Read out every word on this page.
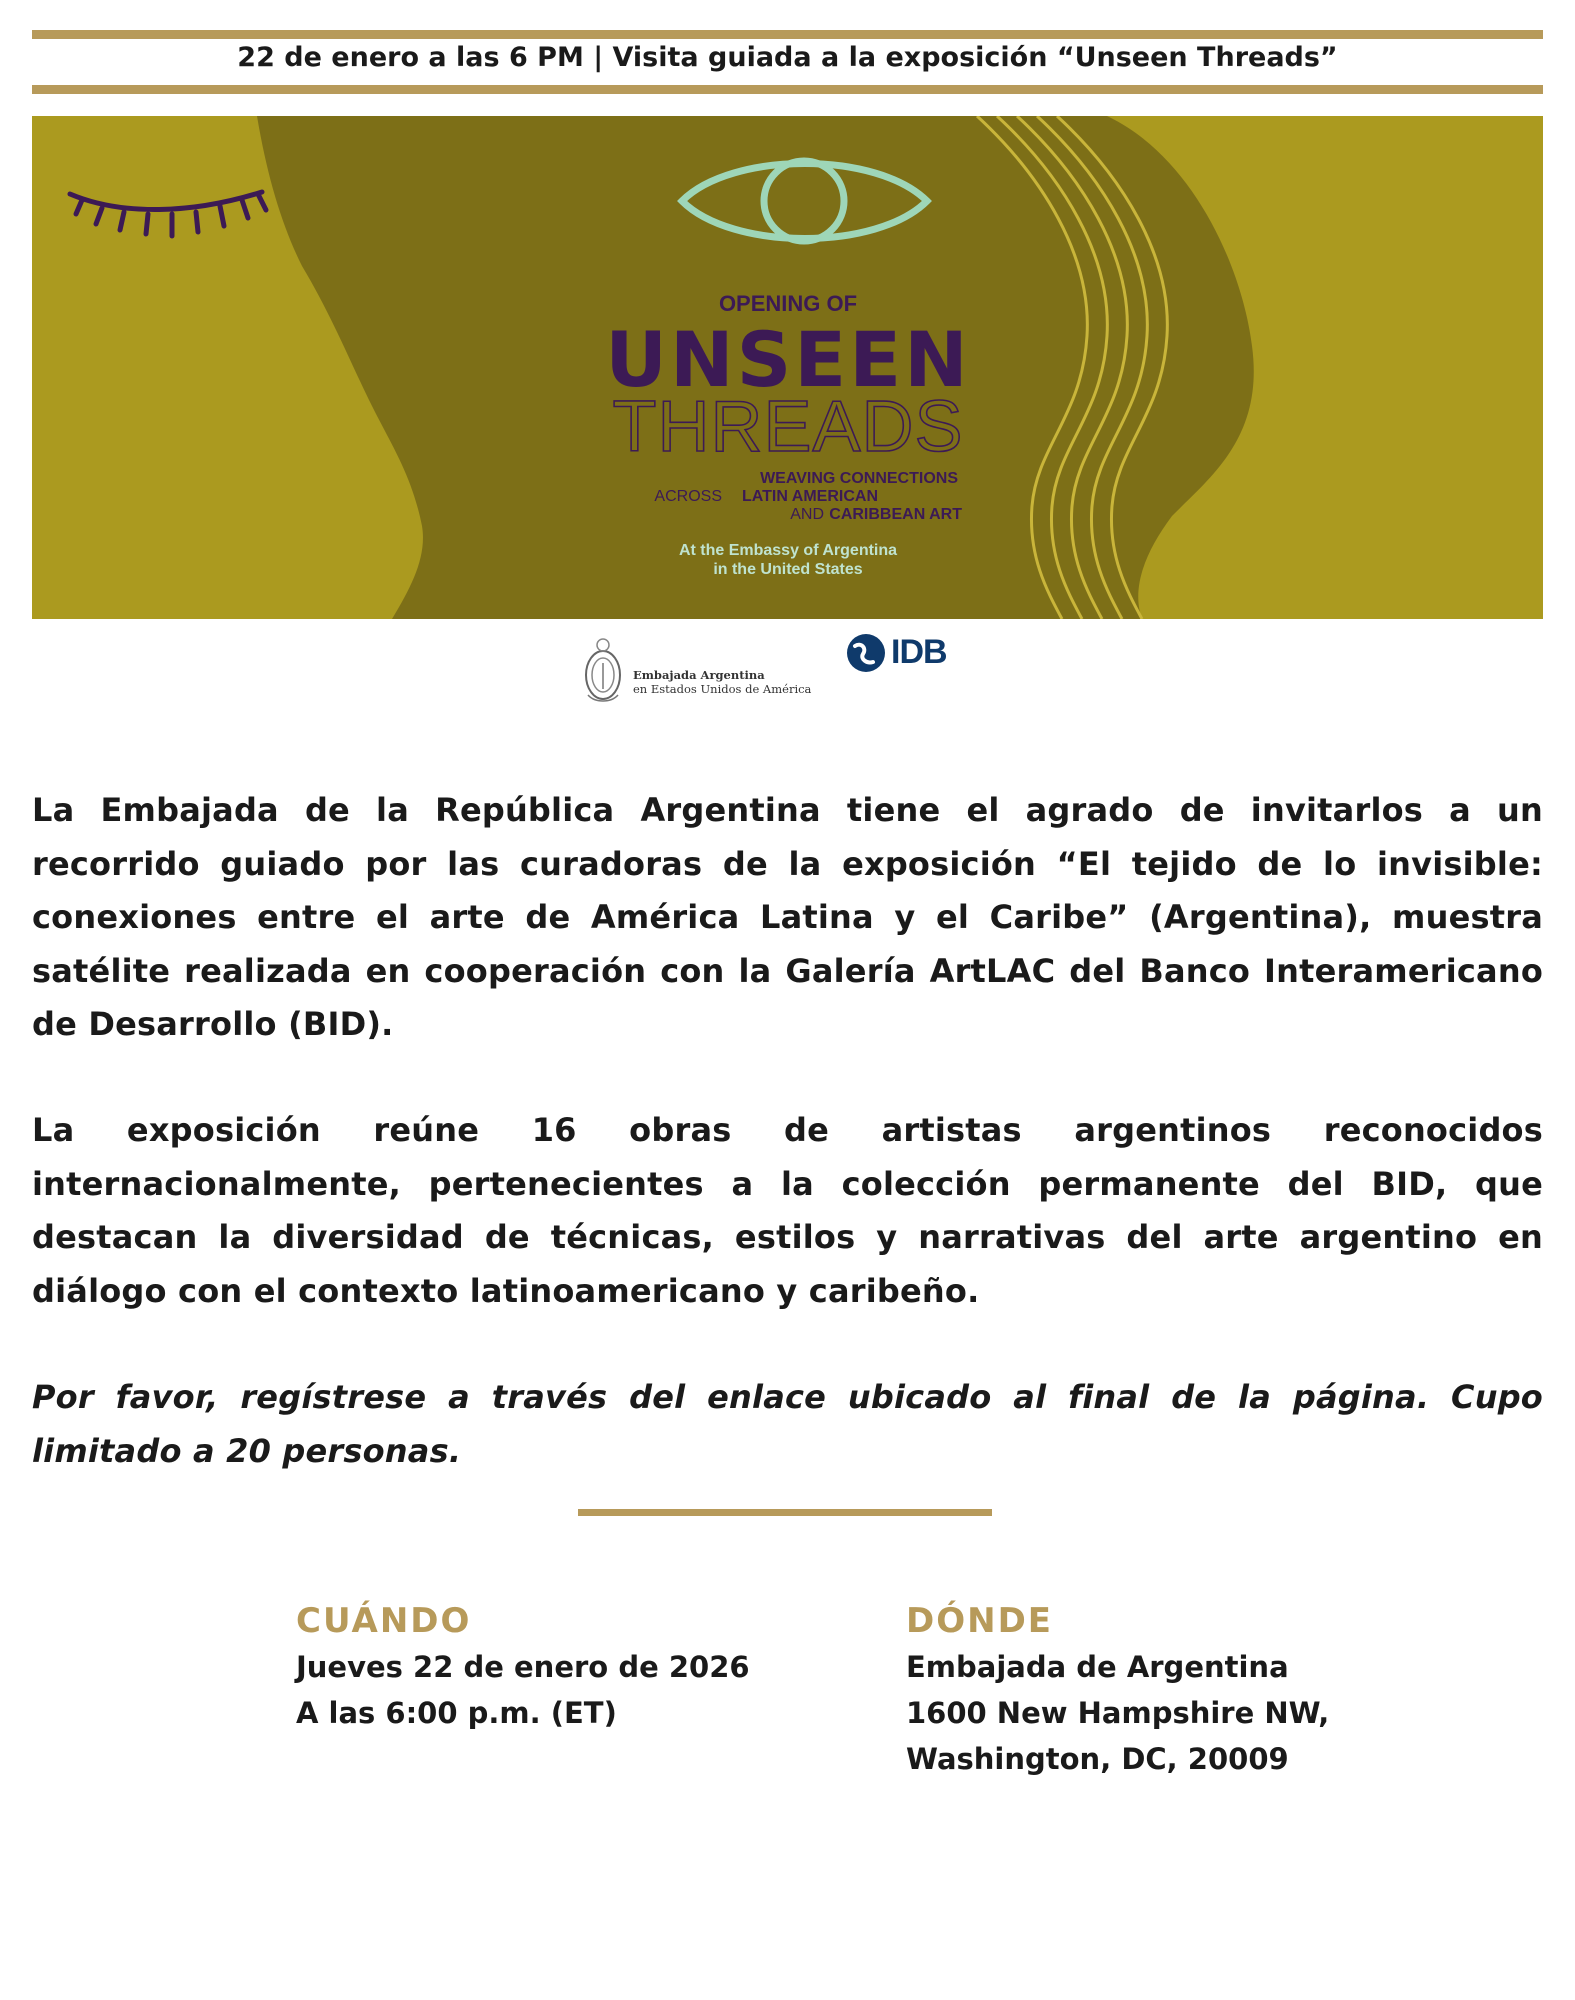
22 de enero a las 6 PM | Visita guiada a la exposición “Unseen Threads”
OPENING OF
UNSEEN
THREADS
WEAVING CONNECTIONS
LATIN AMERICAN
ACROSS
CARIBBEAN ART
AND
At the Embassy of Argentina
in the United States
Embajada Argentina
en Estados Unidos de América
IDB

La Embajada de la República Argentina tiene el agrado de invitarlos a un recorrido guiado por las curadoras de la exposición “El tejido de lo invisible: conexiones entre el arte de América Latina y el Caribe” (Argentina), muestra satélite realizada en cooperación con la Galería ArtLAC del Banco Interamericano de Desarrollo (BID).

La exposición reúne 16 obras de artistas argentinos reconocidos internacionalmente, pertenecientes a la colección permanente del BID, que destacan la diversidad de técnicas, estilos y narrativas del arte argentino en diálogo con el contexto latinoamericano y caribeño.

Por favor, regístrese a través del enlace ubicado al final de la página. Cupo limitado a 20 personas.

CUÁNDO

Jueves 22 de enero de 2026

A las 6:00 p.m. (ET)

DÓNDE

Embajada de Argentina

1600 New Hampshire NW,

Washington, DC, 20009
